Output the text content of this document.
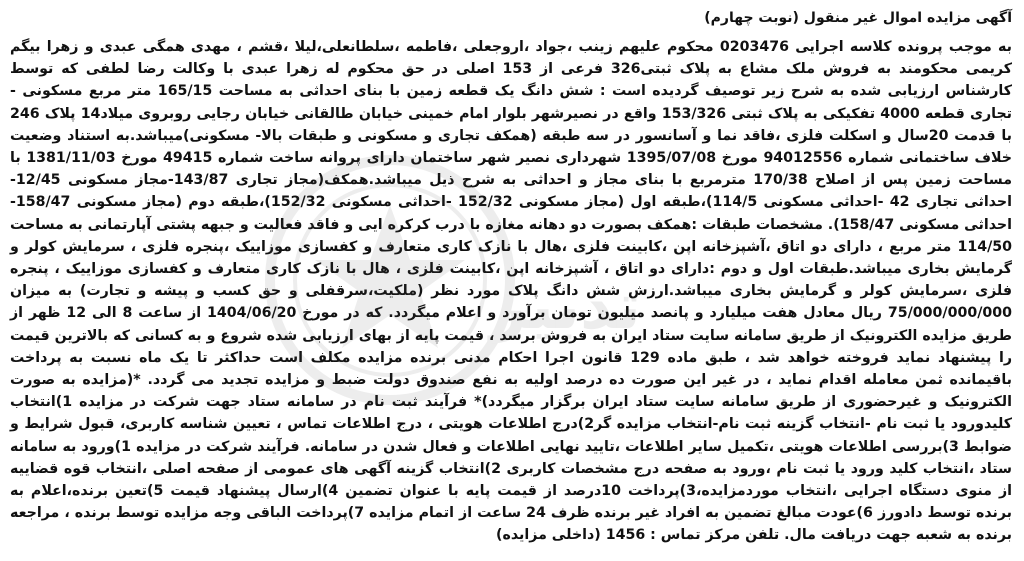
آگهی مزایده اموال غیر منقول (نوبت چهارم)

به موجب پرونده کلاسه اجرایی 0203476 محکوم علیهم زینب ،جواد ،اروجعلی ،فاطمه ،سلطانعلی،لیلا ،قشم ، مهدی همگی عبدی و زهرا بیگم کریمی محکومند به فروش ملک مشاع به پلاک ثبتی326 فرعی از 153 اصلی در حق محکوم له زهرا عبدی با وکالت رضا لطفی که توسط کارشناس ارزیابی شده به شرح زیر توصیف گردیده است : شش دانگ یک قطعه زمین با بنای احداثی به مساحت 165/15 متر مربع مسکونی - تجاری قطعه 4000 تفکیکی به پلاک ثبتی 153/326 واقع در نصیرشهر بلوار امام خمینی خیابان طالقانی خیابان رجایی روبروی میلاد14 پلاک 246 با قدمت 20سال و اسکلت فلزی ،فاقد نما و آسانسور در سه طبقه (همکف تجاری و مسکونی و طبقات بالا- مسکونی)میباشد.به استناد وضعیت خلاف ساختمانی شماره 94012556 مورخ 1395/07/08 شهرداری نصیر شهر ساختمان دارای پروانه ساخت شماره 49415 مورخ 1381/11/03 با مساحت زمین پس از اصلاح 170/38 مترمربع با بنای مجاز و احداثی به شرح ذیل میباشد.همکف(مجاز تجاری 143/87-مجاز مسکونی 12/45-احداثی تجاری 42 -احداثی مسکونی 114/5)،طبقه اول (مجاز مسکونی 152/32 -احداثی مسکونی 152/32)،طبقه دوم (مجاز مسکونی 158/47-احداثی مسکونی 158/47). مشخصات طبقات :همکف بصورت دو دهانه مغازه با درب کرکره ایی و فاقد فعالیت و جبهه پشتی آپارتمانی به مساحت 114/50 متر مربع ، دارای دو اتاق ،آشپزخانه اپن ،کابینت فلزی ،هال با نازک کاری متعارف و کفسازی موزاییک ،پنجره فلزی ، سرمایش کولر و گرمایش بخاری میباشد.طبقات اول و دوم :دارای دو اتاق ، آشپزخانه اپن ،کابینت فلزی ، هال با نازک کاری متعارف و کفسازی موزاییک ، پنجره فلزی ،سرمایش کولر و گرمایش بخاری میباشد.ارزش شش دانگ پلاک مورد نظر (ملکیت،سرقفلی و حق کسب و پیشه و تجارت) به میزان 75/000/000/000 ریال معادل هفت میلیارد و پانصد میلیون تومان برآورد و اعلام میگردد. که در مورخ 1404/06/20 از ساعت 8 الی 12 ظهر از طریق مزایده الکترونیک از طریق سامانه سایت ستاد ایران به فروش برسد ، قیمت پایه از بهای ارزیابی شده شروع و به کسانی که بالاترین قیمت را پیشنهاد نماید فروخته خواهد شد ، طبق ماده 129 قانون اجرا احکام مدنی برنده مزایده مکلف است حداکثر تا یک ماه نسبت به پرداخت باقیمانده ثمن معامله اقدام نماید ، در غیر این صورت ده درصد اولیه به نفع صندوق دولت ضبط و مزایده تجدید می گردد. *(مزایده به صورت الکترونیک و غیرحضوری از طریق سامانه سایت ستاد ایران برگزار میگردد)* فرآیند ثبت نام در سامانه ستاد جهت شرکت در مزایده 1)انتخاب کلیدورود یا ثبت نام -انتخاب گزینه ثبت نام-انتخاب مزایده گر2)درج اطلاعات هویتی ، درج اطلاعات تماس ، تعیین شناسه کاربری، قبول شرایط و ضوابط 3)بررسی اطلاعات هویتی ،تکمیل سایر اطلاعات ،تایید نهایی اطلاعات و فعال شدن در سامانه. فرآیند شرکت در مزایده 1)ورود به سامانه ستاد ،انتخاب کلید ورود یا ثبت نام ،ورود به صفحه درج مشخصات کاربری 2)انتخاب گزینه آگهی های عمومی از صفحه اصلی ،انتخاب قوه قضاییه از منوی دستگاه اجرایی ،انتخاب موردمزایده،3)پرداخت 10درصد از قیمت پایه با عنوان تضمین 4)ارسال پیشنهاد قیمت 5)تعین برنده،اعلام به برنده توسط دادورز 6)عودت مبالغ تضمین به افراد غیر برنده ظرف 24 ساعت از اتمام مزایده 7)پرداخت الباقی وجه مزایده توسط برنده ، مراجعه برنده به شعبه جهت دریافت مال. تلفن مرکز تماس : 1456 (داخلی مزایده)

تدبیر
